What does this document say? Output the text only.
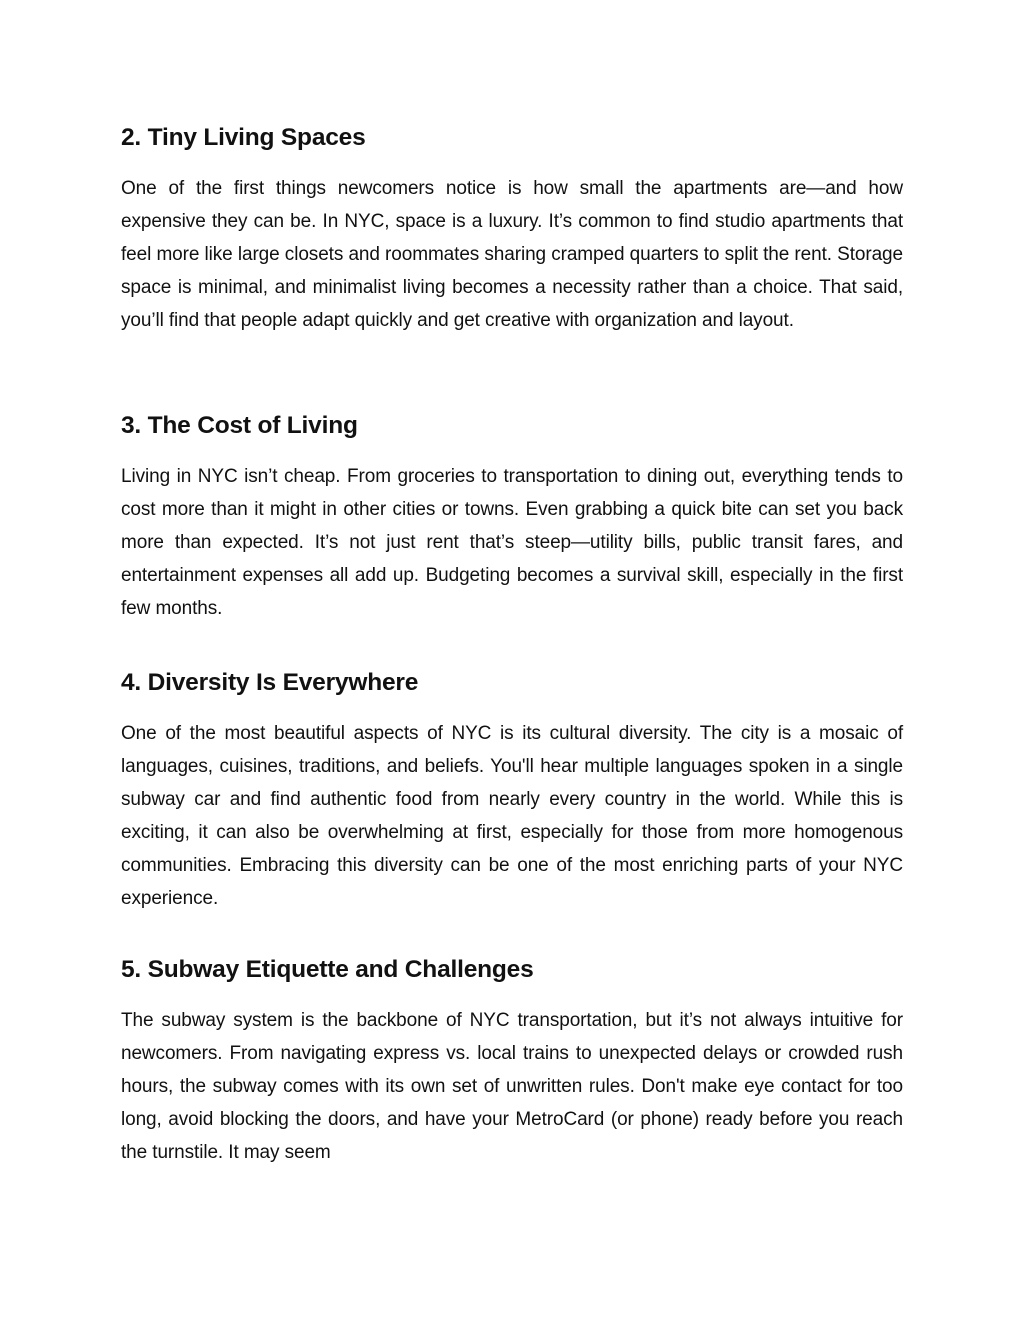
2. Tiny Living Spaces

One of the first things newcomers notice is how small the apartments are—and how expensive they can be. In NYC, space is a luxury. It’s common to find studio apartments that feel more like large closets and roommates sharing cramped quarters to split the rent. Storage space is minimal, and minimalist living becomes a necessity rather than a choice. That said, you’ll find that people adapt quickly and get creative with organization and layout.

3. The Cost of Living

Living in NYC isn’t cheap. From groceries to transportation to dining out, everything tends to cost more than it might in other cities or towns. Even grabbing a quick bite can set you back more than expected. It’s not just rent that’s steep—utility bills, public transit fares, and entertainment expenses all add up. Budgeting becomes a survival skill, especially in the first few months.

4. Diversity Is Everywhere

One of the most beautiful aspects of NYC is its cultural diversity. The city is a mosaic of languages, cuisines, traditions, and beliefs. You'll hear multiple languages spoken in a single subway car and find authentic food from nearly every country in the world. While this is exciting, it can also be overwhelming at first, especially for those from more homogenous communities. Embracing this diversity can be one of the most enriching parts of your NYC experience.

5. Subway Etiquette and Challenges

The subway system is the backbone of NYC transportation, but it’s not always intuitive for newcomers. From navigating express vs. local trains to unexpected delays or crowded rush hours, the subway comes with its own set of unwritten rules. Don't make eye contact for too long, avoid blocking the doors, and have your MetroCard (or phone) ready before you reach the turnstile. It may seem
